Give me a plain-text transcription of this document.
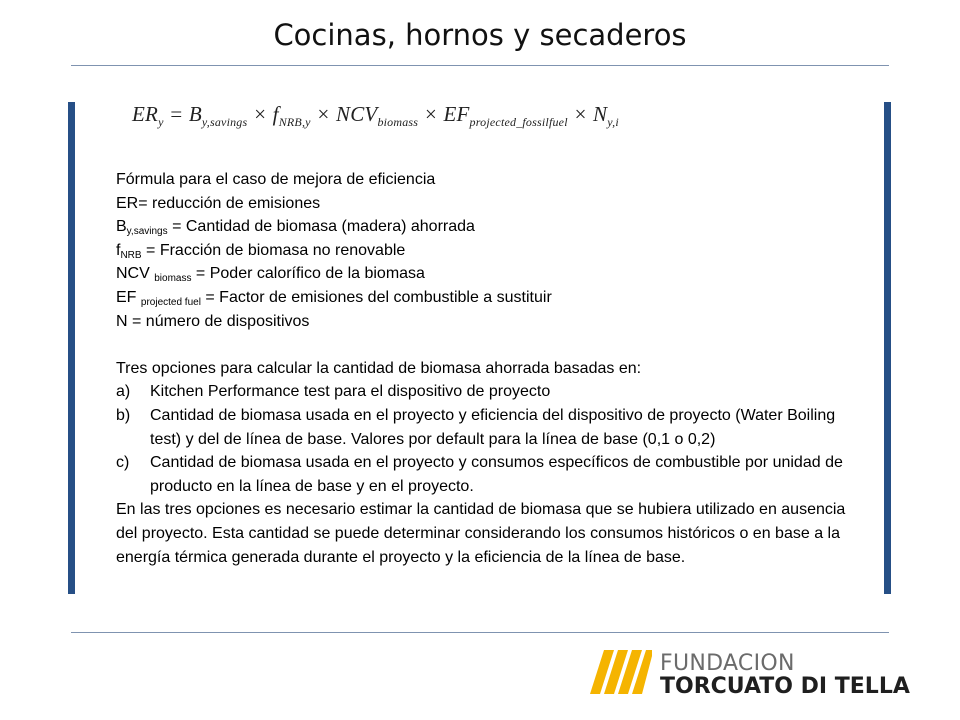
Cocinas, hornos y secaderos
$ER_y = B_{y,savings} \times f_{NRB,y} \times NCV_{biomass} \times EF_{projected\_fossilfuel} \times N_{y,i}$
Fórmula para el caso de mejora de eficiencia
ER= reducción de emisiones
$B_{y,savings}$ = Cantidad de biomasa (madera) ahorrada
$f_{NRB}$ = Fracción de biomasa no renovable
NCV $_{biomass}$ = Poder calorífico de la biomasa
EF $_{projected fuel}$ = Factor de emisiones del combustible a sustituir
N = número de dispositivos
Tres opciones para calcular la cantidad de biomasa ahorrada basadas en:
a)	Kitchen Performance test para el dispositivo de proyecto
b)	Cantidad de biomasa usada en el proyecto y eficiencia del dispositivo de proyecto (Water Boiling test) y del de línea de base. Valores por default para la línea de base (0,1 o 0,2)
c)	Cantidad de biomasa usada en el proyecto y consumos específicos de combustible por unidad de producto en la línea de base y en el proyecto.
En las tres opciones es necesario estimar la cantidad de biomasa que se hubiera utilizado en ausencia del proyecto. Esta cantidad se puede determinar considerando los consumos históricos o en base a la energía térmica generada durante el proyecto y la eficiencia de la línea de base.
FUNDACION
TORCUATO DI TELLA
